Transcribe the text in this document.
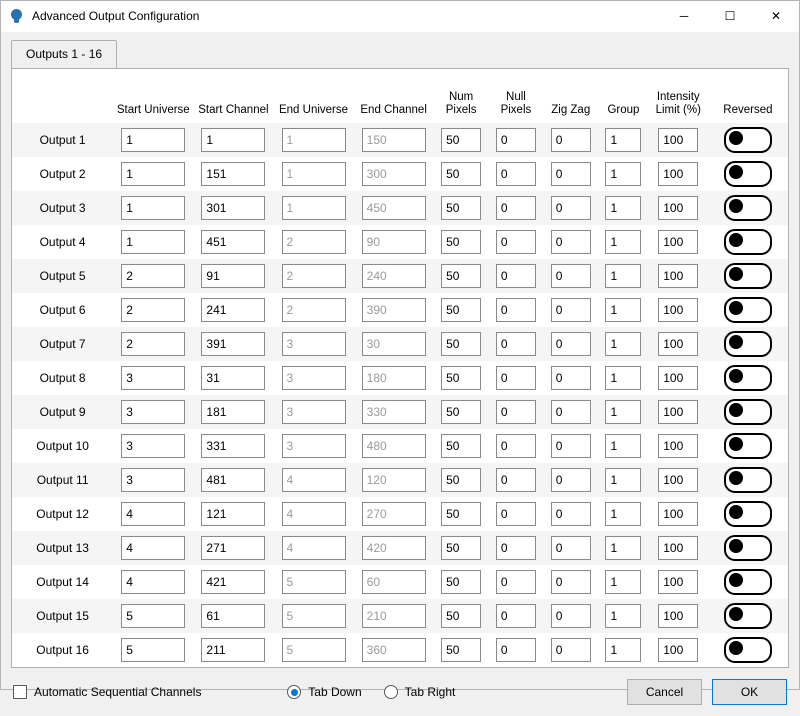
Advanced Output Configuration	─	☐	✕
Outputs 1 - 16
	Start Universe	Start Channel	End Universe	End Channel	Num Pixels	Null Pixels	Zig Zag	Group	Intensity Limit (%)	Reversed
Output 1	1	1	1	150	50	0	0	1	100	

Output 2	1	151	1	300	50	0	0	1	100	

Output 3	1	301	1	450	50	0	0	1	100	

Output 4	1	451	2	90	50	0	0	1	100	

Output 5	2	91	2	240	50	0	0	1	100	

Output 6	2	241	2	390	50	0	0	1	100	

Output 7	2	391	3	30	50	0	0	1	100	

Output 8	3	31	3	180	50	0	0	1	100	

Output 9	3	181	3	330	50	0	0	1	100	

Output 10	3	331	3	480	50	0	0	1	100	

Output 11	3	481	4	120	50	0	0	1	100	

Output 12	4	121	4	270	50	0	0	1	100	

Output 13	4	271	4	420	50	0	0	1	100	

Output 14	4	421	5	60	50	0	0	1	100	

Output 15	5	61	5	210	50	0	0	1	100	

Output 16	5	211	5	360	50	0	0	1	100	
Automatic Sequential Channels	Tab Down	Tab Right	Cancel	OK
